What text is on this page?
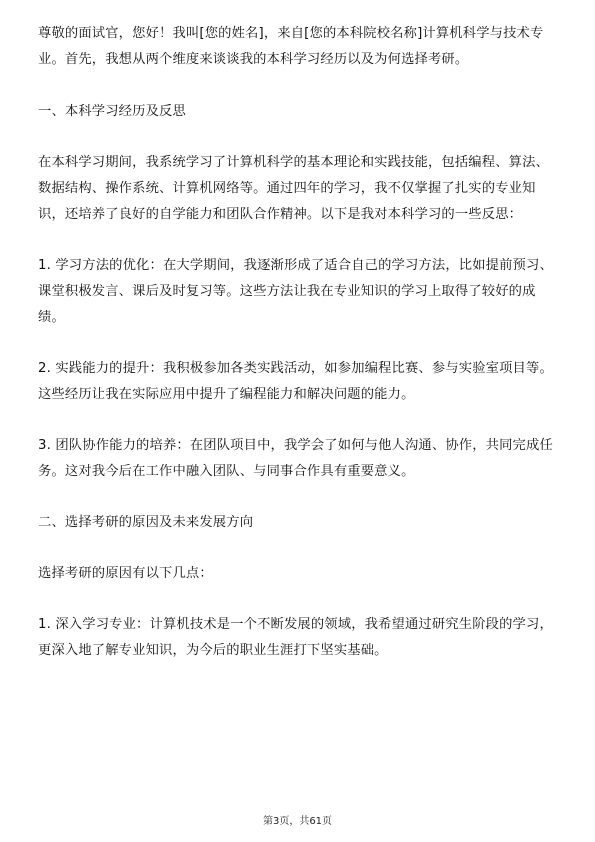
尊敬的面试官，您好！我叫[您的姓名]，来自[您的本科院校名称]计算机科学与技术专业。首先，我想从两个维度来谈谈我的本科学习经历以及为何选择考研。

一、本科学习经历及反思

在本科学习期间，我系统学习了计算机科学的基本理论和实践技能，包括编程、算法、数据结构、操作系统、计算机网络等。通过四年的学习，我不仅掌握了扎实的专业知识，还培养了良好的自学能力和团队合作精神。以下是我对本科学习的一些反思：

1. 学习方法的优化：在大学期间，我逐渐形成了适合自己的学习方法，比如提前预习、课堂积极发言、课后及时复习等。这些方法让我在专业知识的学习上取得了较好的成绩。

2. 实践能力的提升：我积极参加各类实践活动，如参加编程比赛、参与实验室项目等。这些经历让我在实际应用中提升了编程能力和解决问题的能力。

3. 团队协作能力的培养：在团队项目中，我学会了如何与他人沟通、协作，共同完成任务。这对我今后在工作中融入团队、与同事合作具有重要意义。

二、选择考研的原因及未来发展方向

选择考研的原因有以下几点：

1. 深入学习专业：计算机技术是一个不断发展的领域，我希望通过研究生阶段的学习，更深入地了解专业知识，为今后的职业生涯打下坚实基础。

第3页，共61页
